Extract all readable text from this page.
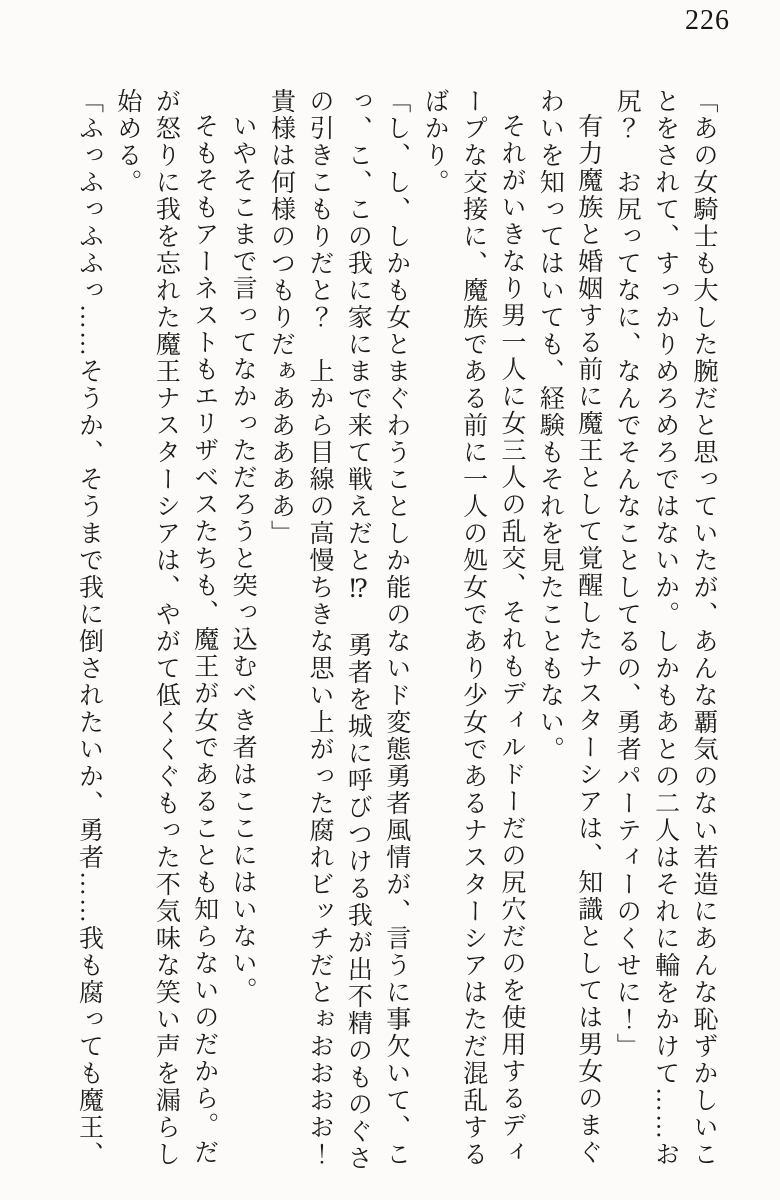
226

「あの女騎士も大した腕だと思っていたが、あんな覇気のない若造にあんな恥ずかしいことをされて、すっかりめろめろではないか。しかもあとの二人はそれに輪をかけて……お尻？　お尻ってなに、なんでそんなことしてるの、勇者パーティーのくせに！」

有力魔族と婚姻する前に魔王として覚醒したナスターシアは、知識としては男女のまぐわいを知ってはいても、経験もそれを見たこともない。

それがいきなり男一人に女三人の乱交、それもディルドーだの尻穴だのを使用するディープな交接に、魔族である前に一人の処女であり少女であるナスターシアはただ混乱するばかり。

「し、し、しかも女とまぐわうことしか能のないド変態勇者風情が、言うに事欠いて、こっ、こ、この我に家にまで来て戦えだと⁉　勇者を城に呼びつける我が出不精のものぐさの引きこもりだと？　上から目線の高慢ちきな思い上がった腐れビッチだとぉおおおお！貴様は何様のつもりだぁあああああ」

いやそこまで言ってなかっただろうと突っ込むべき者はここにはいない。

そもそもアーネストもエリザベスたちも、魔王が女であることも知らないのだから。だが怒りに我を忘れた魔王ナスターシアは、やがて低くくぐもった不気味な笑い声を漏らし始める。

「ふっふっふふっ……そうか、そうまで我に倒されたいか、勇者……我も腐っても魔王、
